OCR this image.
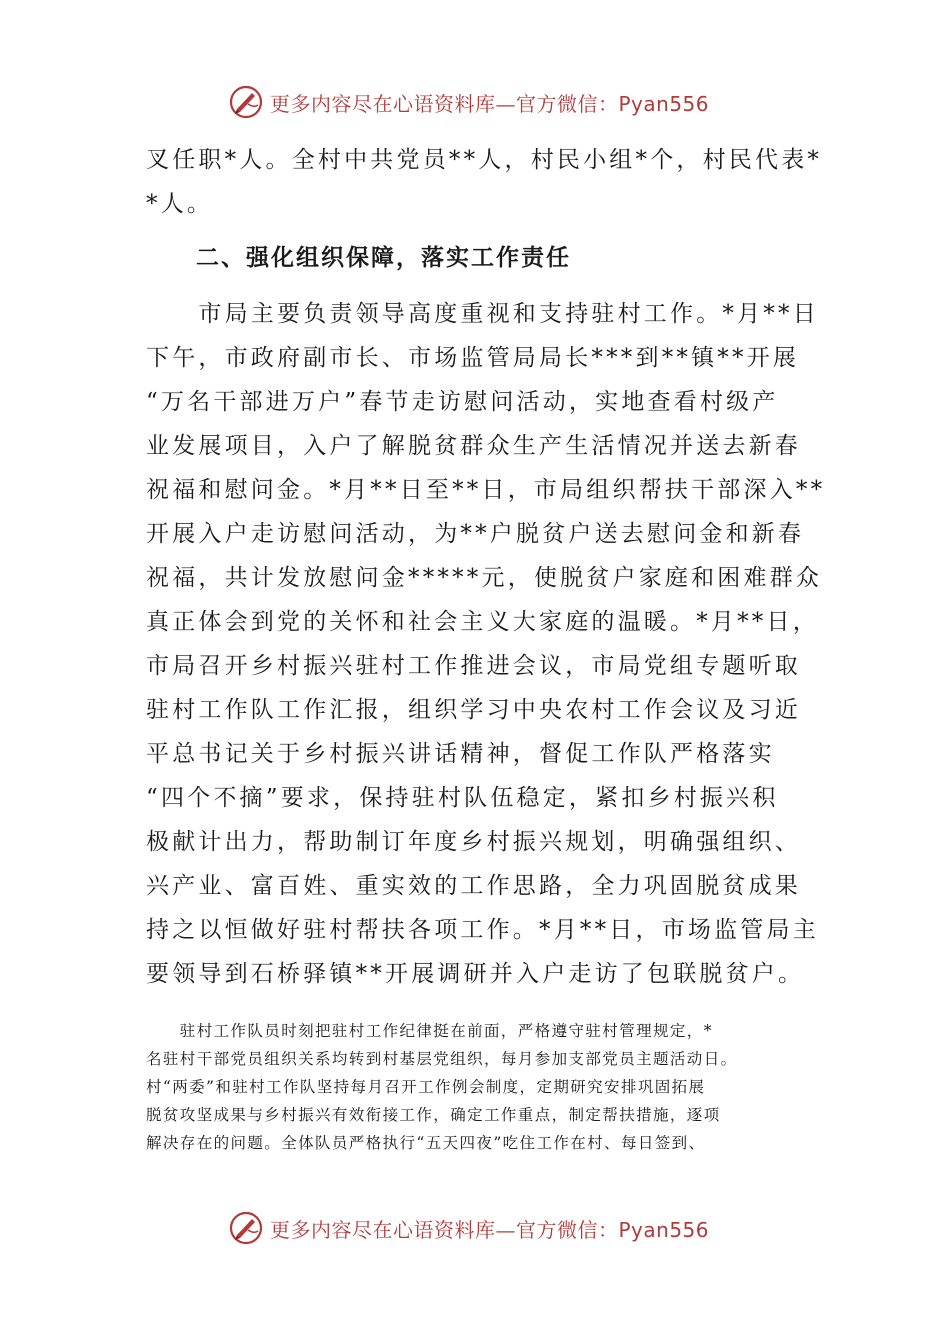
更多内容尽在心语资料库—官方微信：Pyan556
叉任职*人。全村中共党员**人，村民小组*个，村民代表*
*人。
二、强化组织保障，落实工作责任
　　市局主要负责领导高度重视和支持驻村工作。*月**日
下午，市政府副市长、市场监管局局长***到**镇**开展
“万名干部进万户”春节走访慰问活动，实地查看村级产
业发展项目，入户了解脱贫群众生产生活情况并送去新春
祝福和慰问金。*月**日至**日，市局组织帮扶干部深入**
开展入户走访慰问活动，为**户脱贫户送去慰问金和新春
祝福，共计发放慰问金*****元，使脱贫户家庭和困难群众
真正体会到党的关怀和社会主义大家庭的温暖。*月**日，
市局召开乡村振兴驻村工作推进会议，市局党组专题听取
驻村工作队工作汇报，组织学习中央农村工作会议及习近
平总书记关于乡村振兴讲话精神，督促工作队严格落实
“四个不摘”要求，保持驻村队伍稳定，紧扣乡村振兴积
极献计出力，帮助制订年度乡村振兴规划，明确强组织、
兴产业、富百姓、重实效的工作思路，全力巩固脱贫成果
持之以恒做好驻村帮扶各项工作。*月**日，市场监管局主
要领导到石桥驿镇**开展调研并入户走访了包联脱贫户。
　　驻村工作队员时刻把驻村工作纪律挺在前面，严格遵守驻村管理规定，*
名驻村干部党员组织关系均转到村基层党组织，每月参加支部党员主题活动日。
村“两委”和驻村工作队坚持每月召开工作例会制度，定期研究安排巩固拓展
脱贫攻坚成果与乡村振兴有效衔接工作，确定工作重点，制定帮扶措施，逐项
解决存在的问题。全体队员严格执行“五天四夜”吃住工作在村、每日签到、
更多内容尽在心语资料库—官方微信：Pyan556
